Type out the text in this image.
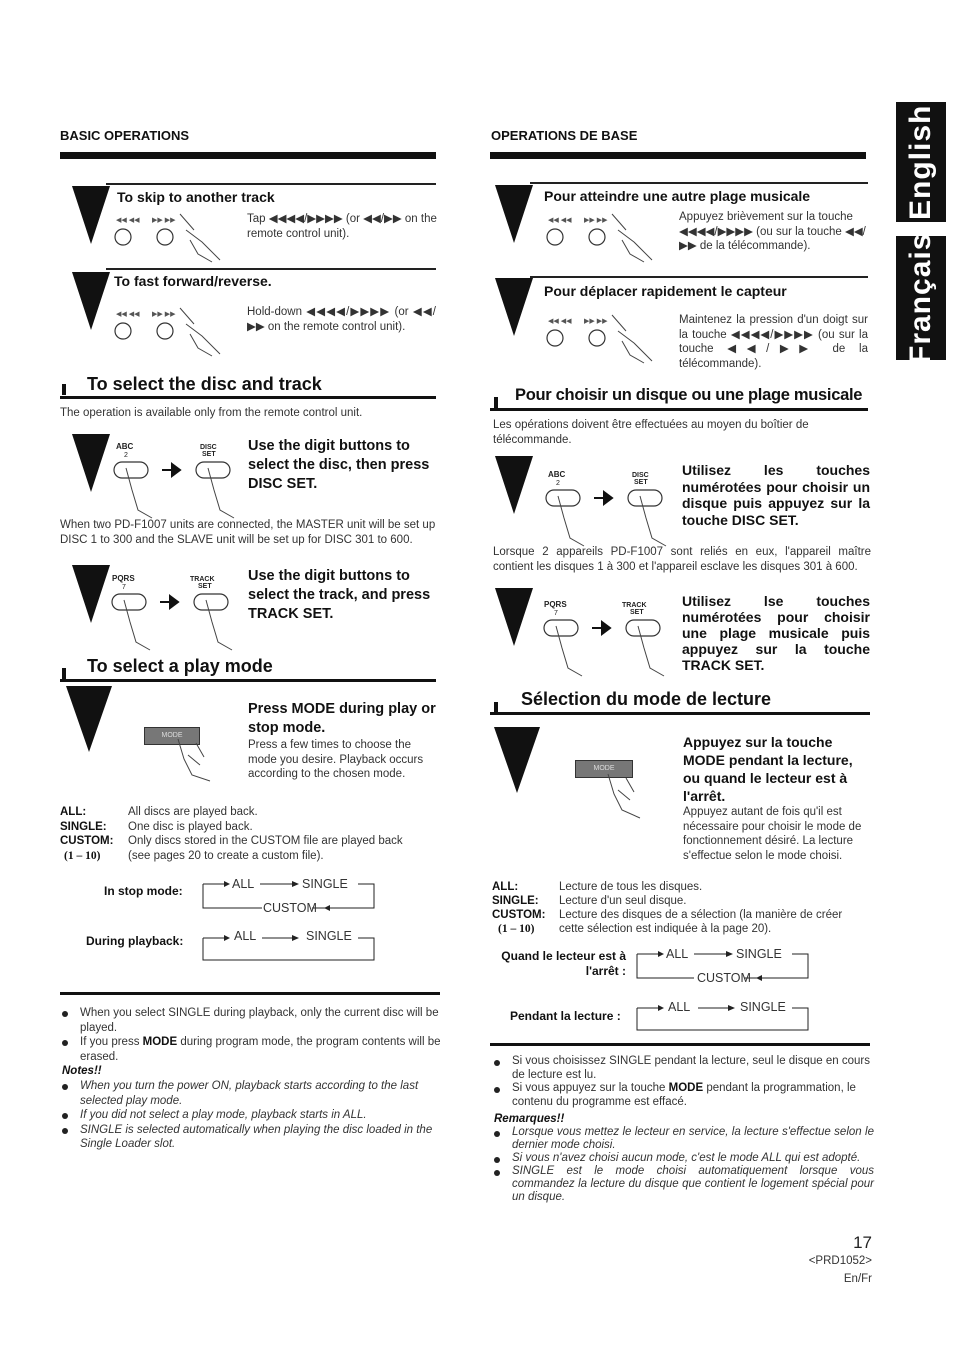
English
Français
BASIC OPERATIONS
To skip to another track
◀◀ ◀◀ ▶▶ ▶▶	Tap ◀◀◀◀/▶▶▶▶ (or ◀◀/▶▶ on the remote control unit).
To fast forward/reverse.
◀◀ ◀◀ ▶▶ ▶▶	Hold-down ◀◀◀◀/▶▶▶▶ (or ◀◀/▶▶ on the remote control unit).
To select the disc and track
The operation is available only from the remote control unit.
ABC
2
DISC
SET
Use the digit buttons to select the disc, then press DISC SET.
When two PD-F1007 units are connected, the MASTER unit will be set up DISC 1 to 300 and the SLAVE unit will be set up for DISC 301 to 600.
PQRS
7
TRACK
SET
Use the digit buttons to select the track, and press TRACK SET.
To select a play mode
MODE
Press MODE during play or stop mode.
Press a few times to choose the mode you desire. Playback occurs according to the chosen mode.
ALL:	All discs are played back.
SINGLE: One disc is played back.
CUSTOM: Only discs stored in the CUSTOM file are played back
(1 – 10) (see pages 20 to create a custom file).
In stop mode:	ALL	SINGLE
CUSTOM
During playback:	ALL	SINGLE
When you select SINGLE during playback, only the current disc will be played.
If you press MODE during program mode, the program contents will be erased.
Notes!!
When you turn the power ON, playback starts according to the last selected play mode.
If you did not select a play mode, playback starts in ALL.
SINGLE is selected automatically when playing the disc loaded in the Single Loader slot.
OPERATIONS DE BASE
Pour atteindre une autre plage musicale
◀◀ ◀◀ ▶▶ ▶▶	Appuyez brièvement sur la touche ◀◀◀◀/▶▶▶▶ (ou sur la touche ◀◀/▶▶ de la télécommande).
Pour déplacer rapidement le capteur
◀◀ ◀◀ ▶▶ ▶▶	Maintenez la pression d'un doigt sur la touche ◀◀◀◀/▶▶▶▶ (ou sur la touche ◀◀/▶▶ de la télécommande).
Pour choisir un disque ou une plage musicale
Les opérations doivent être effectuées au moyen du boîtier de télécommande.
ABC
2
DISC
SET
Utilisez les touches numérotées pour choisir un disque puis appuyez sur la touche DISC SET.
Lorsque 2 appareils PD-F1007 sont reliés en eux, l'appareil maître contient les disques 1 à 300 et l'appareil esclave les disques 301 à 600.
PQRS
7
TRACK
SET
Utilisez lse touches numérotées pour choisir une plage musicale puis appuyez sur la touche TRACK SET.
Sélection du mode de lecture
MODE
Appuyez sur la touche MODE pendant la lecture, ou quand le lecteur est à l'arrêt.
Appuyez autant de fois qu'il est nécessaire pour choisir le mode de fonctionnement désiré. La lecture s'effectue selon le mode choisi.
ALL:	Lecture de tous les disques.
SINGLE: Lecture d'un seul disque.
CUSTOM: Lecture des disques de a sélection (la manière de créer
(1 – 10) cette sélection est indiquée à la page 20).
Quand le lecteur est à
l'arrêt :
ALL	SINGLE
CUSTOM
Pendant la lecture :
ALL	SINGLE
Si vous choisissez SINGLE pendant la lecture, seul le disque en cours de lecture est lu.
Si vous appuyez sur la touche MODE pendant la programmation, le contenu du programme est effacé.
Remarques!!
Lorsque vous mettez le lecteur en service, la lecture s'effectue selon le dernier mode choisi.
Si vous n'avez choisi aucun mode, c'est le mode ALL qui est adopté.
SINGLE est le mode choisi automatiquement lorsque vous commandez la lecture du disque que contient le logement spécial pour un disque.
17
<PRD1052>
En/Fr
